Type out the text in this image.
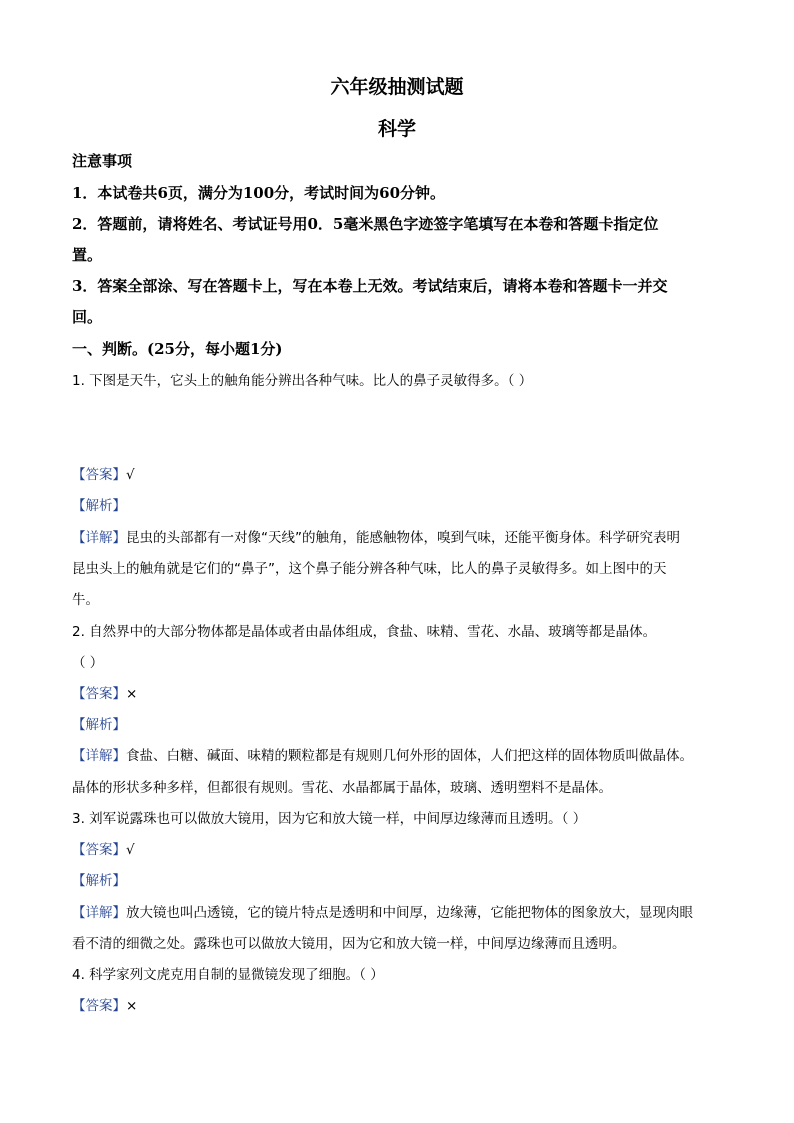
六年级抽测试题
科学
注意事项
1．本试卷共6页，满分为100分，考试时间为60分钟。
2．答题前，请将姓名、考试证号用0．5毫米黑色字迹签字笔填写在本卷和答题卡指定位
置。
3．答案全部涂、写在答题卡上，写在本卷上无效。考试结束后，请将本卷和答题卡一并交
回。
一、判断。(25分，每小题1分)
1. 下图是天牛，它头上的触角能分辨出各种气味。比人的鼻子灵敏得多。（ ）
【答案】√
【解析】
【详解】昆虫的头部都有一对像“天线”的触角，能感触物体，嗅到气味，还能平衡身体。科学研究表明
昆虫头上的触角就是它们的“鼻子”，这个鼻子能分辨各种气味，比人的鼻子灵敏得多。如上图中的天
牛。
2. 自然界中的大部分物体都是晶体或者由晶体组成，食盐、味精、雪花、水晶、玻璃等都是晶体。
（ ）
【答案】×
【解析】
【详解】食盐、白糖、碱面、味精的颗粒都是有规则几何外形的固体，人们把这样的固体物质叫做晶体。
晶体的形状多种多样，但都很有规则。雪花、水晶都属于晶体，玻璃、透明塑料不是晶体。
3. 刘军说露珠也可以做放大镜用，因为它和放大镜一样，中间厚边缘薄而且透明。（ ）
【答案】√
【解析】
【详解】放大镜也叫凸透镜，它的镜片特点是透明和中间厚，边缘薄，它能把物体的图象放大，显现肉眼
看不清的细微之处。露珠也可以做放大镜用，因为它和放大镜一样，中间厚边缘薄而且透明。
4. 科学家列文虎克用自制的显微镜发现了细胞。（ ）
【答案】×
